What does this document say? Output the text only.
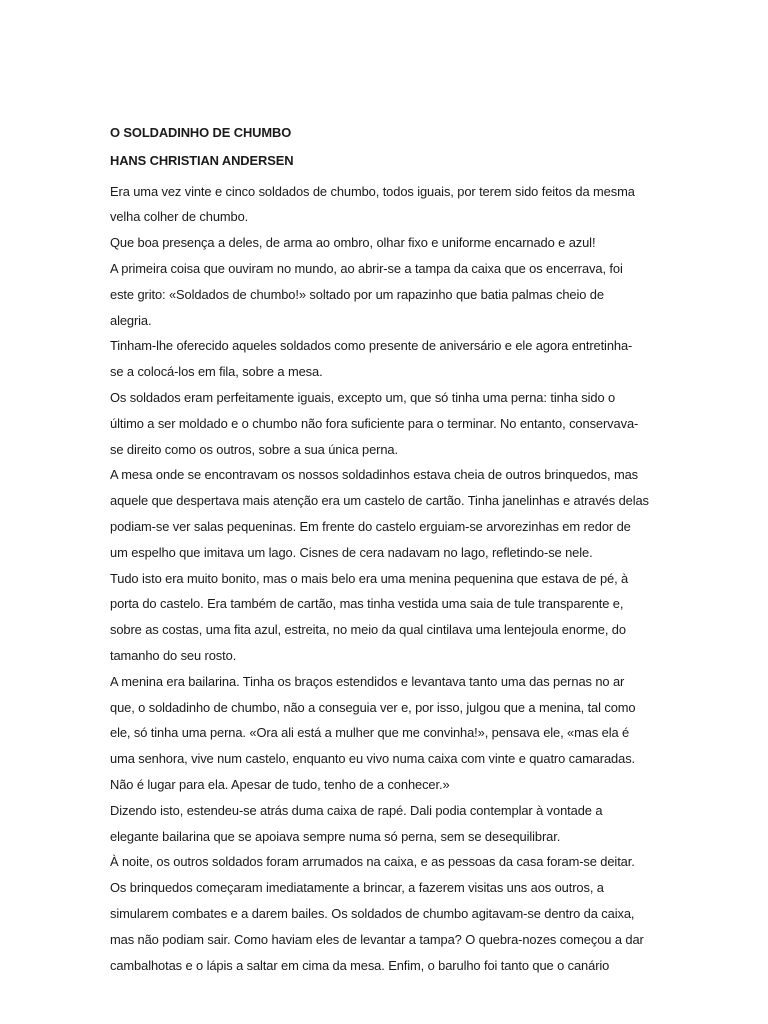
O SOLDADINHO DE CHUMBO

HANS CHRISTIAN ANDERSEN

Era uma vez vinte e cinco soldados de chumbo, todos iguais, por terem sido feitos da mesma
velha colher de chumbo.

Que boa presença a deles, de arma ao ombro, olhar fixo e uniforme encarnado e azul!

A primeira coisa que ouviram no mundo, ao abrir-se a tampa da caixa que os encerrava, foi
este grito: «Soldados de chumbo!» soltado por um rapazinho que batia palmas cheio de
alegria.

Tinham-lhe oferecido aqueles soldados como presente de aniversário e ele agora entretinha-
se a colocá-los em fila, sobre a mesa.

Os soldados eram perfeitamente iguais, excepto um, que só tinha uma perna: tinha sido o
último a ser moldado e o chumbo não fora suficiente para o terminar. No entanto, conservava-
se direito como os outros, sobre a sua única perna.

A mesa onde se encontravam os nossos soldadinhos estava cheia de outros brinquedos, mas
aquele que despertava mais atenção era um castelo de cartão. Tinha janelinhas e através delas
podiam-se ver salas pequeninas. Em frente do castelo erguiam-se arvorezinhas em redor de
um espelho que imitava um lago. Cisnes de cera nadavam no lago, refletindo-se nele.

Tudo isto era muito bonito, mas o mais belo era uma menina pequenina que estava de pé, à
porta do castelo. Era também de cartão, mas tinha vestida uma saia de tule transparente e,
sobre as costas, uma fita azul, estreita, no meio da qual cintilava uma lentejoula enorme, do
tamanho do seu rosto.

A menina era bailarina. Tinha os braços estendidos e levantava tanto uma das pernas no ar
que, o soldadinho de chumbo, não a conseguia ver e, por isso, julgou que a menina, tal como
ele, só tinha uma perna. «Ora ali está a mulher que me convinha!», pensava ele, «mas ela é
uma senhora, vive num castelo, enquanto eu vivo numa caixa com vinte e quatro camaradas.
Não é lugar para ela. Apesar de tudo, tenho de a conhecer.»

Dizendo isto, estendeu-se atrás duma caixa de rapé. Dali podia contemplar à vontade a
elegante bailarina que se apoiava sempre numa só perna, sem se desequilibrar.

À noite, os outros soldados foram arrumados na caixa, e as pessoas da casa foram-se deitar.

Os brinquedos começaram imediatamente a brincar, a fazerem visitas uns aos outros, a
simularem combates e a darem bailes. Os soldados de chumbo agitavam-se dentro da caixa,
mas não podiam sair. Como haviam eles de levantar a tampa? O quebra-nozes começou a dar
cambalhotas e o lápis a saltar em cima da mesa. Enfim, o barulho foi tanto que o canário
